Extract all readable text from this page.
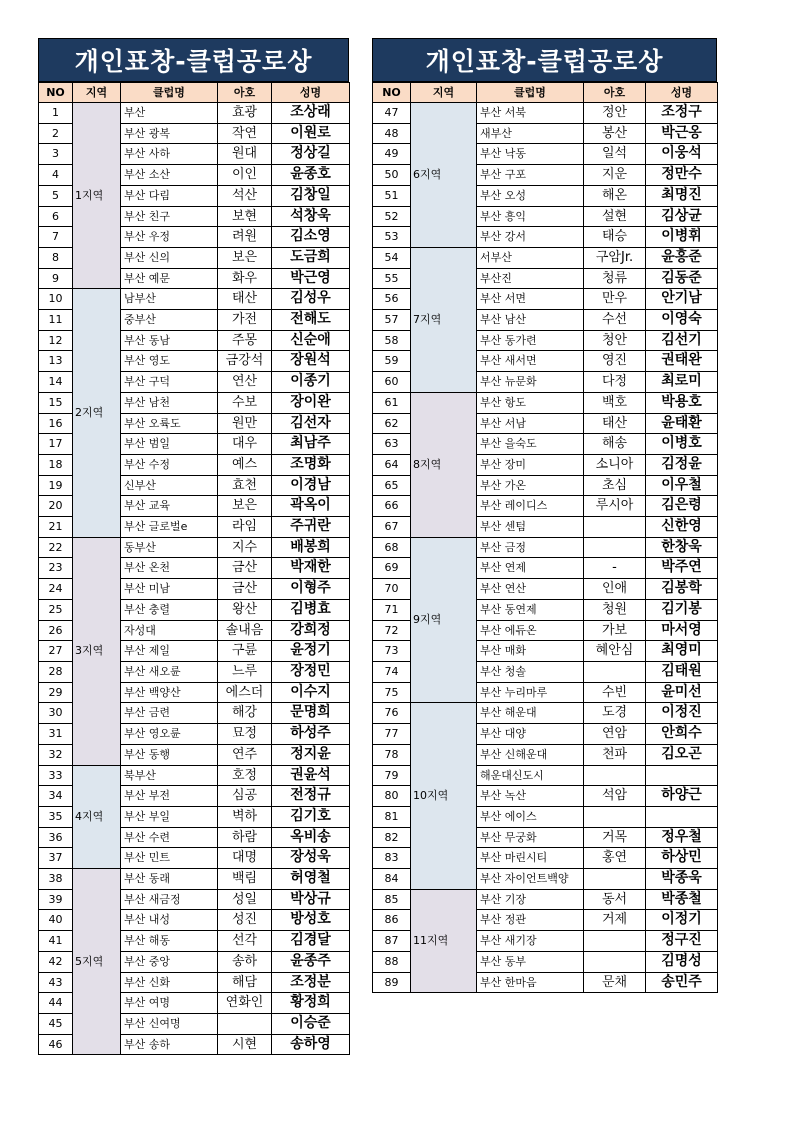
개인표창-클럽공로상
NO	지역	클럽명	아호	성명
1	1지역	부산	효광	조상래
2		부산 광복	작연	이원로
3		부산 사하	원대	정상길
4		부산 소산	이인	윤종호
5		부산 다림	석산	김창일
6		부산 친구	보현	석창욱
7		부산 우정	려원	김소영
8		부산 신의	보은	도금희
9		부산 예문	화우	박근영
10	2지역	남부산	태산	김성우
11		중부산	가전	전해도
12		부산 동남	주몽	신순애
13		부산 영도	금강석	장원석
14		부산 구덕	연산	이종기
15		부산 남천	수보	장이완
16		부산 오륙도	원만	김선자
17		부산 범일	대우	최남주
18		부산 수정	예스	조명화
19		신부산	효천	이경남
20		부산 교육	보은	곽옥이
21		부산 글로벌e	라임	주귀란
22	3지역	동부산	지수	배봉희
23		부산 온천	금산	박재한
24		부산 미남	금산	이형주
25		부산 충렬	왕산	김병효
26		자성대	솔내음	강희정
27		부산 제일	구륜	윤정기
28		부산 새오륜	느루	장정민
29		부산 백양산	에스더	이수지
30		부산 금련	해강	문명희
31		부산 영오륜	묘정	하성주
32		부산 동행	연주	정지윤
33	4지역	북부산	호정	권윤석
34		부산 부전	심공	전정규
35		부산 부일	벽하	김기호
36		부산 수련	하람	옥비송
37		부산 민트	대명	장성욱
38	5지역	부산 동래	백림	허영철
39		부산 새금정	성일	박상규
40		부산 내성	성진	방성호
41		부산 해동	선각	김경달
42		부산 중앙	송하	윤종주
43		부산 신화	해담	조정분
44		부산 여명	연화인	황정희
45		부산 신여명		이승준
46		부산 송하	시현	송하영
개인표창-클럽공로상
NO	지역	클럽명	아호	성명
47	6지역	부산 서북	정안	조정구
48		새부산	봉산	박근옹
49		부산 낙동	일석	이웅석
50		부산 구포	지운	정만수
51		부산 오성	해온	최명진
52		부산 흥익	설현	김상균
53		부산 강서	태승	이병휘
54	7지역	서부산	구암Jr.	윤홍준
55		부산진	청류	김동준
56		부산 서면	만우	안기남
57		부산 남산	수선	이영숙
58		부산 동가련	청안	김선기
59		부산 새서면	영진	권태완
60		부산 뉴문화	다정	최로미
61	8지역	부산 항도	백호	박용호
62		부산 서남	태산	윤태환
63		부산 을숙도	해송	이병호
64		부산 장미	소니아	김정윤
65		부산 가온	초심	이우철
66		부산 레이디스	루시아	김은령
67		부산 센텀		신한영
68	9지역	부산 금정		한창욱
69		부산 연제	-	박주연
70		부산 연산	인애	김봉학
71		부산 동연제	청원	김기봉
72		부산 에듀온	가보	마서영
73		부산 매화	혜안심	최영미
74		부산 청솔		김태원
75		부산 누리마루	수빈	윤미선
76	10지역	부산 해운대	도경	이정진
77		부산 대양	연암	안희수
78		부산 신해운대	천파	김오곤
79		해운대신도시		
80		부산 녹산	석암	하양근
81		부산 에이스		
82		부산 무궁화	거목	정우철
83		부산 마린시티	홍연	하상민
84		부산 자이언트백양		박종욱
85	11지역	부산 기장	동서	박종철
86		부산 정관	거제	이정기
87		부산 새기장		정구진
88		부산 동부		김명성
89		부산 한마음	문채	송민주
